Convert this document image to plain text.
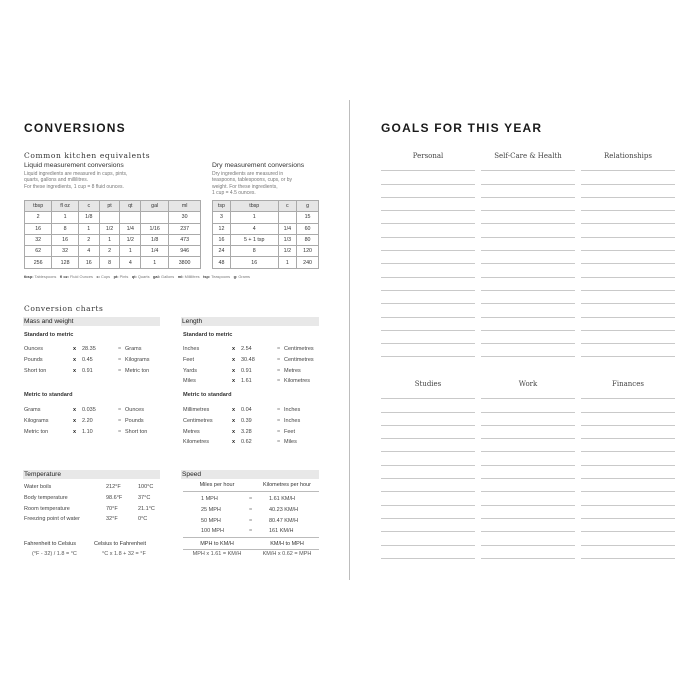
CONVERSIONS
Common kitchen equivalents
Liquid measurement conversions
Liquid ingredients are measured in cups, pints,
quarts, gallons and millilitres.
For these ingredients, 1 cup = 8 fluid ounces.
Dry measurement conversions
Dry ingredients are measured in
teaspoons, tablespoons, cups, or by
weight. For these ingredients,
1 cup = 4.5 ounces.
tbsp	fl oz	c	pt	qt	gal	ml
2	1	1/8				30
16	8	1	1/2	1/4	1/16	237
32	16	2	1	1/2	1/8	473
62	32	4	2	1	1/4	946
256	128	16	8	4	1	3800
tsp	tbsp	c	g
3	1		15
12	4	1/4	60
16	5 + 1 tsp	1/3	80
24	8	1/2	120
48	16	1	240
tbsp: Tablespoons fl oz: Fluid Ounces c: Cups pt: Pints qt: Quarts gal: Gallons ml: Millilitres tsp: Teaspoons g: Grams
Conversion charts
Mass and weight
Standard to metric
Ounces	x 28.35	= Grams
Pounds	x 0.45	= Kilograms
Short ton	x 0.91	= Metric ton
Metric to standard
Grams	x 0.035	= Ounces
Kilograms	x 2.20	= Pounds
Metric ton	x 1.10	= Short ton
Length
Standard to metric
Inches	x 2.54	= Centimetres
Feet	x 30.48	= Centimetres
Yards	x 0.91	= Metres
Miles	x 1.61	= Kilometres
Metric to standard
Millimetres	x 0.04	= Inches
Centimetres	x 0.39	= Inches
Metres	x 3.28	= Feet
Kilometres	x 0.62	= Miles
Temperature
Water boils	212°F	100°C
Body temperature	98.6°F	37°C
Room temperature	70°F	21.1°C
Freezing point of water	32°F	0°C
Fahrenheit to Celsius	Celsius to Fahrenheit
(°F - 32) / 1.8 = °C	°C x 1.8 + 32 = °F
Speed
Miles per hour	Kilometres per hour
1 MPH	=	1.61 KM/H
25 MPH	=	40.23 KM/H
50 MPH	=	80.47 KM/H
100 MPH	=	161 KM/H
MPH to KM/H	KM/H to MPH
MPH x 1.61 = KM/H	KM/H x 0.62 = MPH
GOALS FOR THIS YEAR
Personal	Self-Care & Health	Relationships
Studies	Work	Finances
